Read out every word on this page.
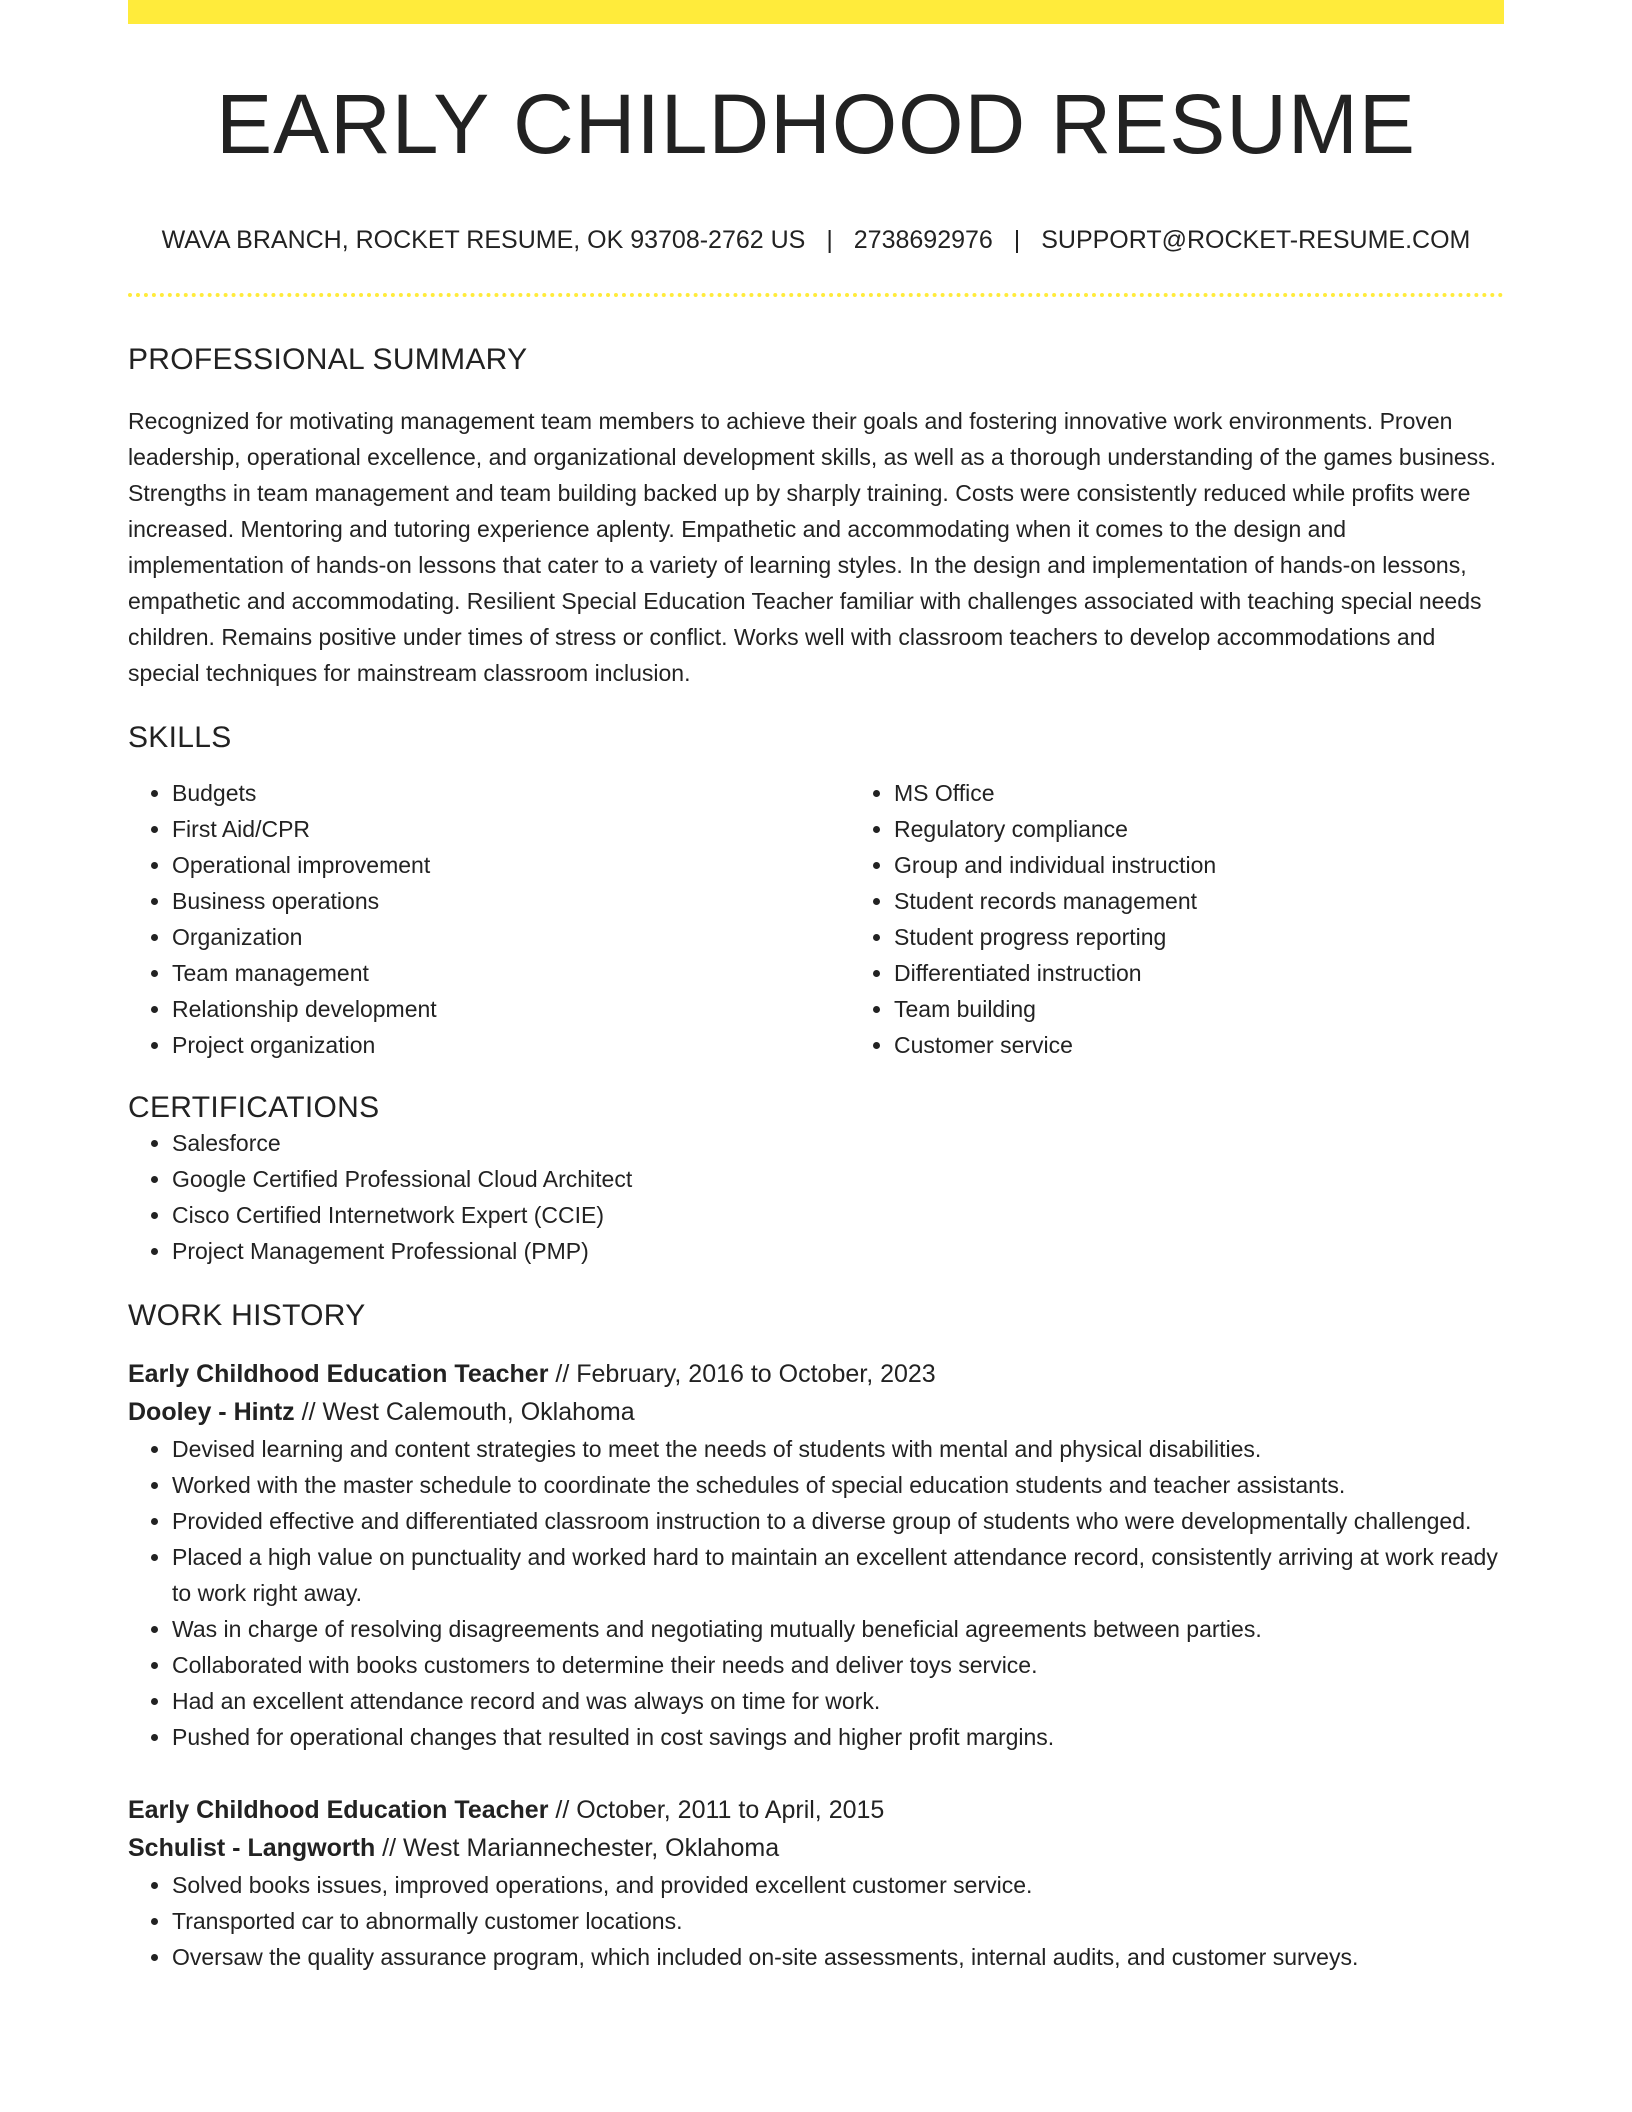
EARLY CHILDHOOD RESUME
WAVA BRANCH, ROCKET RESUME, OK 93708-2762 US | 2738692976 | SUPPORT@ROCKET-RESUME.COM
PROFESSIONAL SUMMARY

Recognized for motivating management team members to achieve their goals and fostering innovative work environments. Proven leadership, operational excellence, and organizational development skills, as well as a thorough understanding of the games business. Strengths in team management and team building backed up by sharply training. Costs were consistently reduced while profits were increased. Mentoring and tutoring experience aplenty. Empathetic and accommodating when it comes to the design and implementation of hands-on lessons that cater to a variety of learning styles. In the design and implementation of hands-on lessons, empathetic and accommodating. Resilient Special Education Teacher familiar with challenges associated with teaching special needs children. Remains positive under times of stress or conflict. Works well with classroom teachers to develop accommodations and special techniques for mainstream classroom inclusion.

SKILLS
• Budgets
• First Aid/CPR
• Operational improvement
• Business operations
• Organization
• Team management
• Relationship development
• Project organization
• MS Office
• Regulatory compliance
• Group and individual instruction
• Student records management
• Student progress reporting
• Differentiated instruction
• Team building
• Customer service
CERTIFICATIONS
• Salesforce
• Google Certified Professional Cloud Architect
• Cisco Certified Internetwork Expert (CCIE)
• Project Management Professional (PMP)
WORK HISTORY
Early Childhood Education Teacher // February, 2016 to October, 2023
Dooley - Hintz // West Calemouth, Oklahoma
• Devised learning and content strategies to meet the needs of students with mental and physical disabilities.
• Worked with the master schedule to coordinate the schedules of special education students and teacher assistants.
• Provided effective and differentiated classroom instruction to a diverse group of students who were developmentally challenged.
• Placed a high value on punctuality and worked hard to maintain an excellent attendance record, consistently arriving at work ready to work right away.
• Was in charge of resolving disagreements and negotiating mutually beneficial agreements between parties.
• Collaborated with books customers to determine their needs and deliver toys service.
• Had an excellent attendance record and was always on time for work.
• Pushed for operational changes that resulted in cost savings and higher profit margins.
Early Childhood Education Teacher // October, 2011 to April, 2015
Schulist - Langworth // West Mariannechester, Oklahoma
• Solved books issues, improved operations, and provided excellent customer service.
• Transported car to abnormally customer locations.
• Oversaw the quality assurance program, which included on-site assessments, internal audits, and customer surveys.
